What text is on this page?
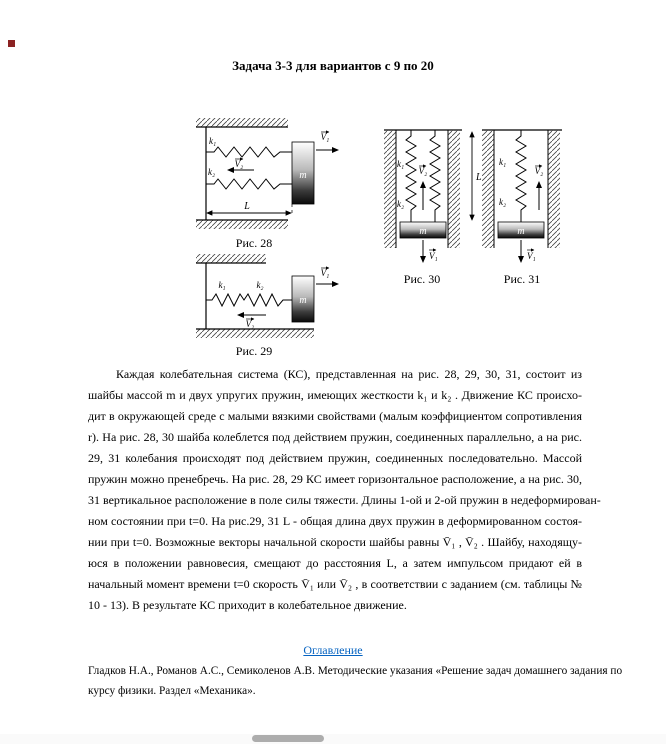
Задача 3-3 для вариантов с 9 по 20
k₁
k₂	m
V₂
V₁
L
Рис. 28
k₁	k₂
m
V₁
V₂
Рис. 29
k₁
k₂
V₂
m
V₁
L
k₁
k₂
V₂
m
V₁
Рис. 30	Рис. 31
Каждая колебательная система (КС), представленная на рис. 28, 29, 30, 31, состоит из
шайбы массой m и двух упругих пружин, имеющих жесткости k₁ и k₂ . Движение КС происхо-
дит в окружающей среде с малыми вязкими свойствами (малым коэффициентом сопротивления
r). На рис. 28, 30 шайба колеблется под действием пружин, соединенных параллельно, а на рис.
29, 31 колебания происходят под действием пружин, соединенных последовательно. Массой
пружин можно пренебречь. На рис. 28, 29 КС имеет горизонтальное расположение, а на рис. 30,
31 вертикальное расположение в поле силы тяжести. Длины 1-ой и 2-ой пружин в недеформирован-
ном состоянии при t=0. На рис.29, 31 L - общая длина двух пружин в деформированном состоя-
нии при t=0. Возможные векторы начальной скорости шайбы равны V̄₁ , V̄₂ . Шайбу, находящу-
юся в положении равновесия, смещают до расстояния L, а затем импульсом придают ей в
начальный момент времени t=0 скорость V̄₁ или V̄₂ , в соответствии с заданием (см. таблицы №
10 - 13). В результате КС приходит в колебательное движение.
Оглавление
Гладков Н.А., Романов А.С., Семиколенов А.В. Методические указания «Решение задач домашнего задания по
курсу физики. Раздел «Механика».
